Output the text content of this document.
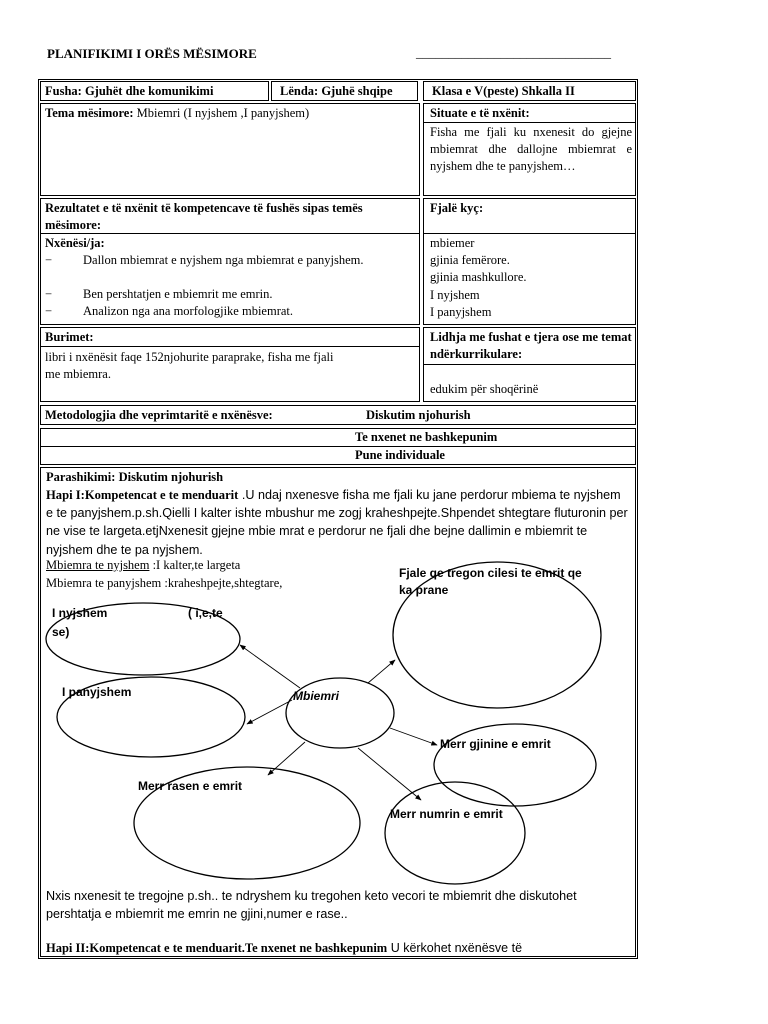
PLANIFIKIMI I ORËS MËSIMORE	______________________________
Fusha: Gjuhët dhe komunikimi	Lënda: Gjuhë shqipe	Klasa e V(peste) Shkalla II
Tema mësimore: Mbiemri (I nyjshem ,I panyjshem)	Situate e të nxënit:
Fisha me fjali ku nxenesit do gjejne mbiemrat dhe dallojne mbiemrat e nyjshem dhe te panyjshem…
Rezultatet e të nxënit të kompetencave të fushës sipas temës mësimore:
Fjalë kyç:
Nxënësi/ja:
− Dallon mbiemrat e nyjshem nga mbiemrat e panyjshem.
− Ben pershtatjen e mbiemrit me emrin.
− Analizon nga ana morfologjike mbiemrat.
mbiemer
gjinia femërore.
gjinia mashkullore.
I nyjshem
I panyjshem
Burimet:
libri i nxënësit faqe 152njohurite paraprake, fisha me fjali me mbiemra.
Lidhja me fushat e tjera ose me temat ndërkurrikulare:
edukim për shoqërinë
Metodologjia dhe veprimtaritë e nxënësve:	Diskutim njohurish
Te nxenet ne bashkepunim
Pune individuale
Parashikimi: Diskutim njohurish
Hapi I:Kompetencat e te menduarit .U ndaj nxenesve fisha me fjali ku jane perdorur mbiema te nyjshem e te panyjshem.p.sh.Qielli I kalter ishte mbushur me zogj kraheshpejte.Shpendet shtegtare fluturonin per ne vise te largeta.etjNxenesit gjejne mbie mrat e perdorur ne fjali dhe bejne dallimin e mbiemrit te nyjshem dhe te pa nyjshem.
Mbiemra te nyjshem :I kalter,te largeta
Mbiemra te panyjshem :kraheshpejte,shtegtare,
I nyjshem	( i,e,te
se)
I panyjshem	Mbiemri
Fjale qe tregon cilesi te emrit qe ka prane
Merr gjinine e emrit
Merr rasen e emrit
Merr numrin e emrit
Nxis nxenesit te tregojne p.sh.. te ndryshem ku tregohen keto vecori te mbiemrit dhe diskutohet pershtatja e mbiemrit me emrin ne gjini,numer e rase..
Hapi II:Kompetencat e te menduarit.Te nxenet ne bashkepunim U kërkohet nxënësve të
